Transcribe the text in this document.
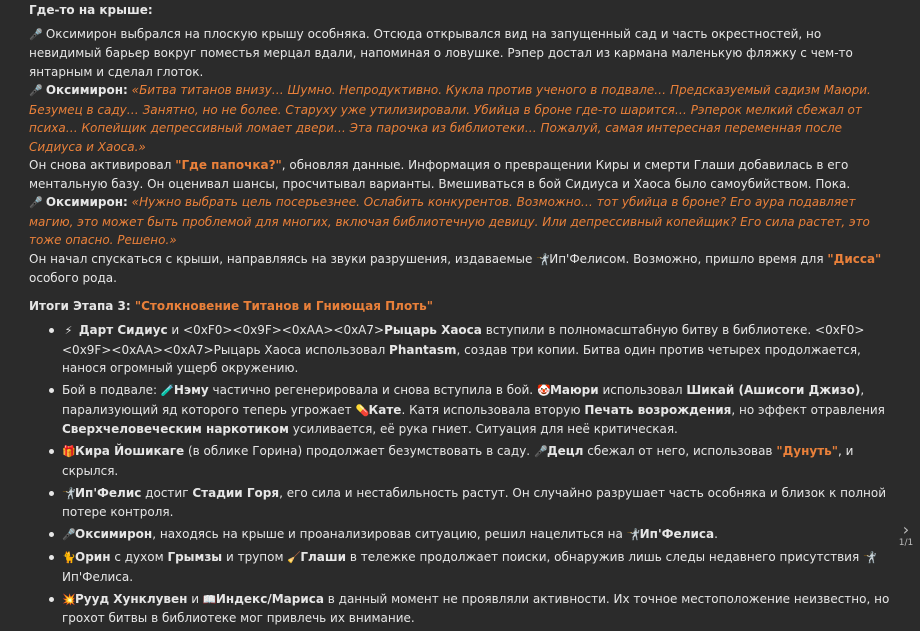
Где-то на крыше:

🎤 Оксимирон выбрался на плоскую крышу особняка. Отсюда открывался вид на запущенный сад и часть окрестностей, но невидимый барьер вокруг поместья мерцал вдали, напоминая о ловушке. Рэпер достал из кармана маленькую фляжку с чем-то янтарным и сделал глоток.

🎤 Оксимирон: «Битва титанов внизу… Шумно. Непродуктивно. Кукла против ученого в подвале… Предсказуемый садизм Маюри. Безумец в саду… Занятно, но не более. Старуху уже утилизировали. Убийца в броне где-то шарится… Рэперок мелкий сбежал от психа… Копейщик депрессивный ломает двери… Эта парочка из библиотеки… Пожалуй, самая интересная переменная после Сидиуса и Хаоса.»

Он снова активировал "Где папочка?", обновляя данные. Информация о превращении Киры и смерти Глаши добавилась в его ментальную базу. Он оценивал шансы, просчитывал варианты. Вмешиваться в бой Сидиуса и Хаоса было самоубийством. Пока.

🎤 Оксимирон: «Нужно выбрать цель посерьезнее. Ослабить конкурентов. Возможно… тот убийца в броне? Его аура подавляет магию, это может быть проблемой для многих, включая библиотечную девицу. Или депрессивный копейщик? Его сила растет, это тоже опасно. Решено.»

Он начал спускаться с крыши, направляясь на звуки разрушения, издаваемые 🤺Ип'Фелисом. Возможно, пришло время для "Дисса" особого рода.

Итоги Этапа 3: "Столкновение Титанов и Гниющая Плоть"

⚡ Дарт Сидиус и <0xF0><0x9F><0xAA><0xA7>Рыцарь Хаоса вступили в полномасштабную битву в библиотеке. <0xF0><0x9F><0xAA><0xA7>Рыцарь Хаоса использовал Phantasm, создав три копии. Битва один против четырех продолжается, нанося огромный ущерб окружению.
Бой в подвале: 🧪Нэму частично регенерировала и снова вступила в бой. 🤡Маюри использовал Шикай (Ашисоги Джизо), парализующий яд которого теперь угрожает 💊Кате. Катя использовала вторую Печать возрождения, но эффект отравления Сверхчеловеческим наркотиком усиливается, её рука гниет. Ситуация для неё критическая.
🎁Кира Йошикаге (в облике Горина) продолжает безумствовать в саду. 🎤Децл сбежал от него, использовав "Дунуть", и скрылся.
🤺Ип'Фелис достиг Стадии Горя, его сила и нестабильность растут. Он случайно разрушает часть особняка и близок к полной потере контроля.
🎤Оксимирон, находясь на крыше и проанализировав ситуацию, решил нацелиться на 🤺Ип'Фелиса.
🐈Орин с духом Грымзы и трупом 🧹Глаши в тележке продолжает поиски, обнаружив лишь следы недавнего присутствия 🤺Ип'Фелиса.
💥Рууд Хунклувен и 📖Индекс/Мариса в данный момент не проявляли активности. Их точное местоположение неизвестно, но грохот битвы в библиотеке мог привлечь их внимание.
›
1/1
